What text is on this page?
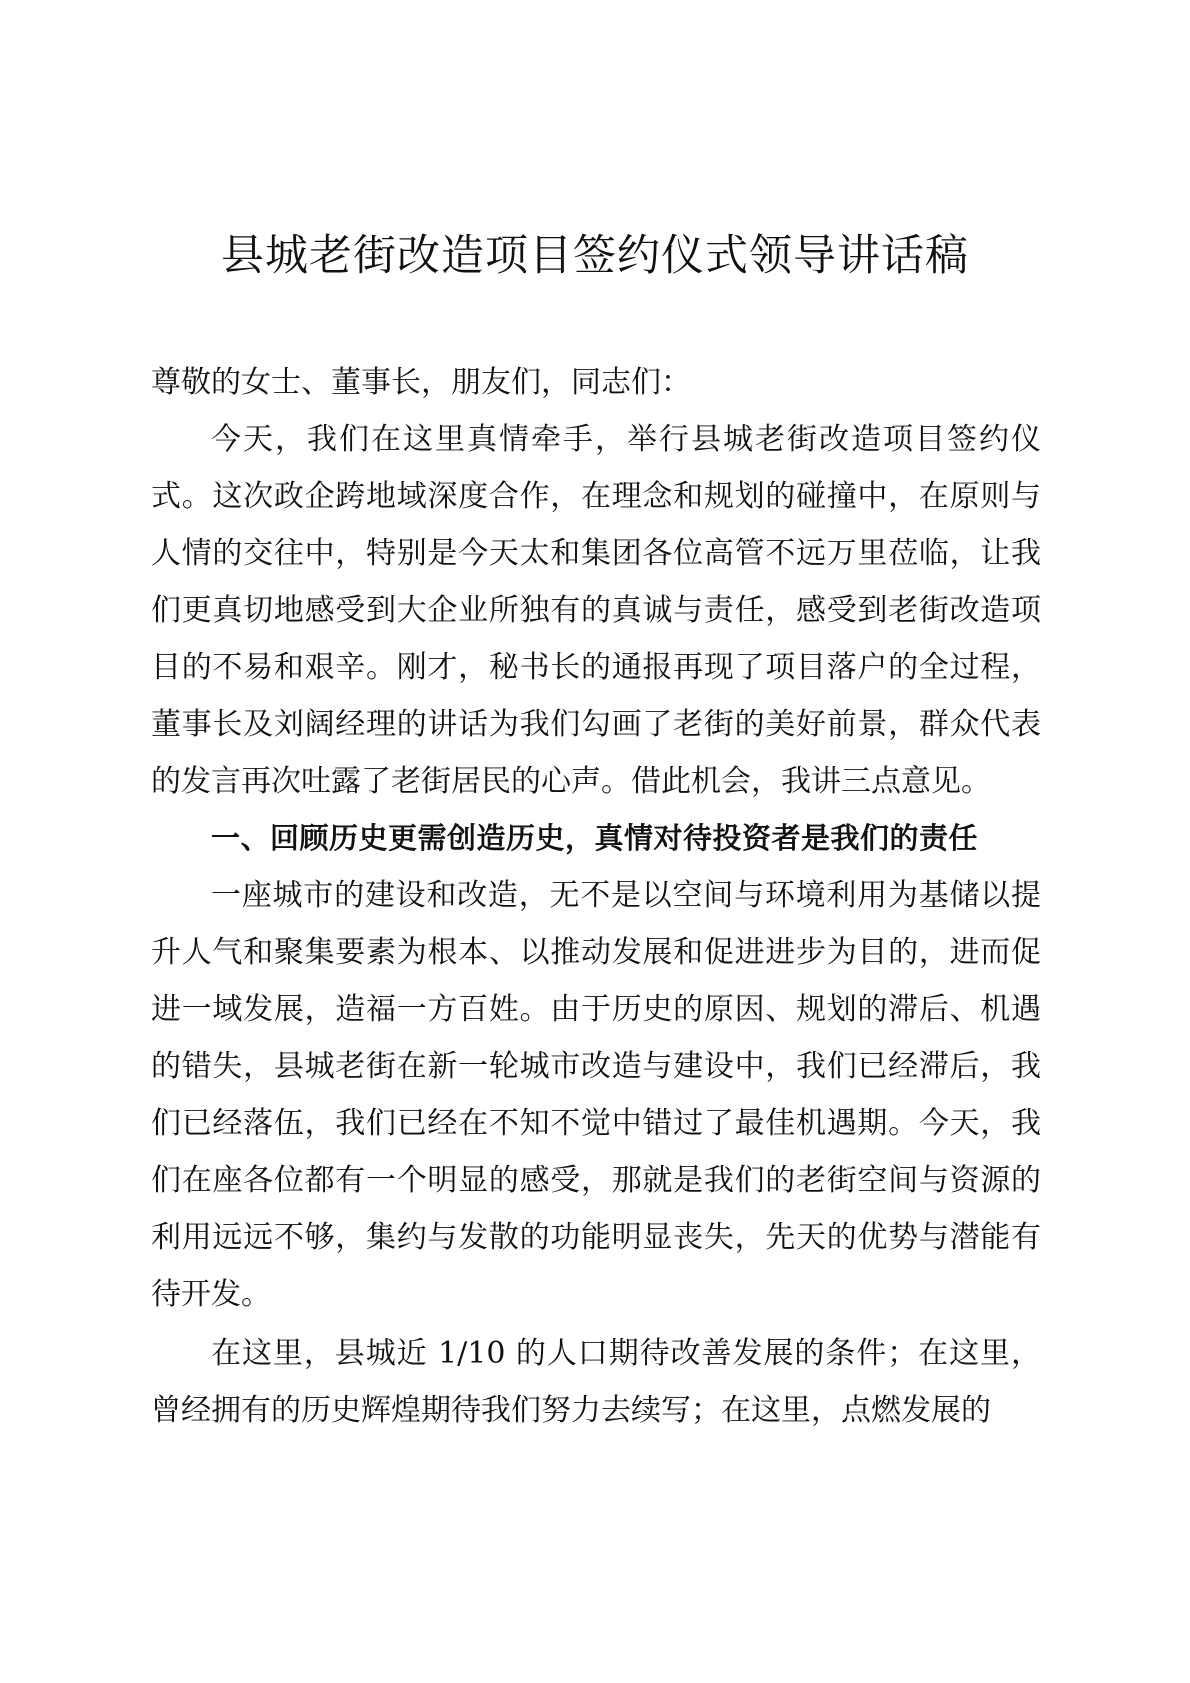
县城老街改造项目签约仪式领导讲话稿

尊敬的女士、董事长，朋友们，同志们：

今天，我们在这里真情牵手，举行县城老街改造项目签约仪式。这次政企跨地域深度合作，在理念和规划的碰撞中，在原则与人情的交往中，特别是今天太和集团各位高管不远万里莅临，让我们更真切地感受到大企业所独有的真诚与责任，感受到老街改造项目的不易和艰辛。刚才，秘书长的通报再现了项目落户的全过程，董事长及刘阔经理的讲话为我们勾画了老街的美好前景，群众代表的发言再次吐露了老街居民的心声。借此机会，我讲三点意见。

一、回顾历史更需创造历史，真情对待投资者是我们的责任

一座城市的建设和改造，无不是以空间与环境利用为基储以提升人气和聚集要素为根本、以推动发展和促进进步为目的，进而促进一域发展，造福一方百姓。由于历史的原因、规划的滞后、机遇的错失，县城老街在新一轮城市改造与建设中，我们已经滞后，我们已经落伍，我们已经在不知不觉中错过了最佳机遇期。今天，我们在座各位都有一个明显的感受，那就是我们的老街空间与资源的利用远远不够，集约与发散的功能明显丧失，先天的优势与潜能有待开发。

在这里，县城近 1/10 的人口期待改善发展的条件；在这里，曾经拥有的历史辉煌期待我们努力去续写；在这里，点燃发展的
